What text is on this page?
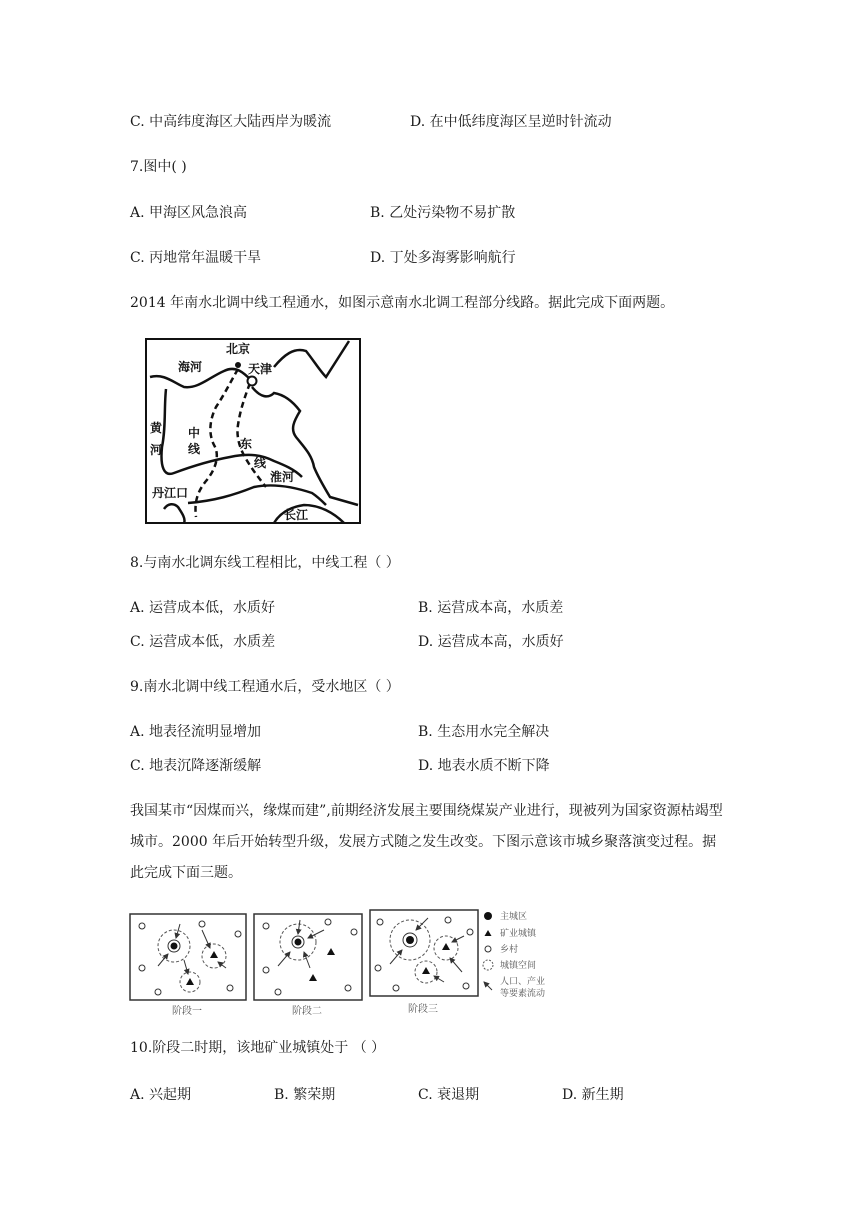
C. 中高纬度海区大陆西岸为暖流	D. 在中低纬度海区呈逆时针流动
7.图中( )
A. 甲海区风急浪高	B. 乙处污染物不易扩散
C. 丙地常年温暖干旱	D. 丁处多海雾影响航行
2014 年南水北调中线工程通水，如图示意南水北调工程部分线路。据此完成下面两题。
北京
天津
海河
黄
河
中
线	东
线
淮河
丹江口
长江
8.与南水北调东线工程相比，中线工程（ ）
A. 运营成本低，水质好	B. 运营成本高，水质差
C. 运营成本低，水质差	D. 运营成本高，水质好
9.南水北调中线工程通水后，受水地区（ ）
A. 地表径流明显增加	B. 生态用水完全解决
C. 地表沉降逐渐缓解	D. 地表水质不断下降
我国某市“因煤而兴，缘煤而建”,前期经济发展主要围绕煤炭产业进行，现被列为国家资源枯竭型城市。2000 年后开始转型升级，发展方式随之发生改变。下图示意该市城乡聚落演变过程。据此完成下面三题。
阶段一	阶段二	阶段三
主城区
矿业城镇
乡村
城镇空间
人口、产业
等要素流动
10.阶段二时期，该地矿业城镇处于 （ ）
A. 兴起期	B. 繁荣期	C. 衰退期	D. 新生期
